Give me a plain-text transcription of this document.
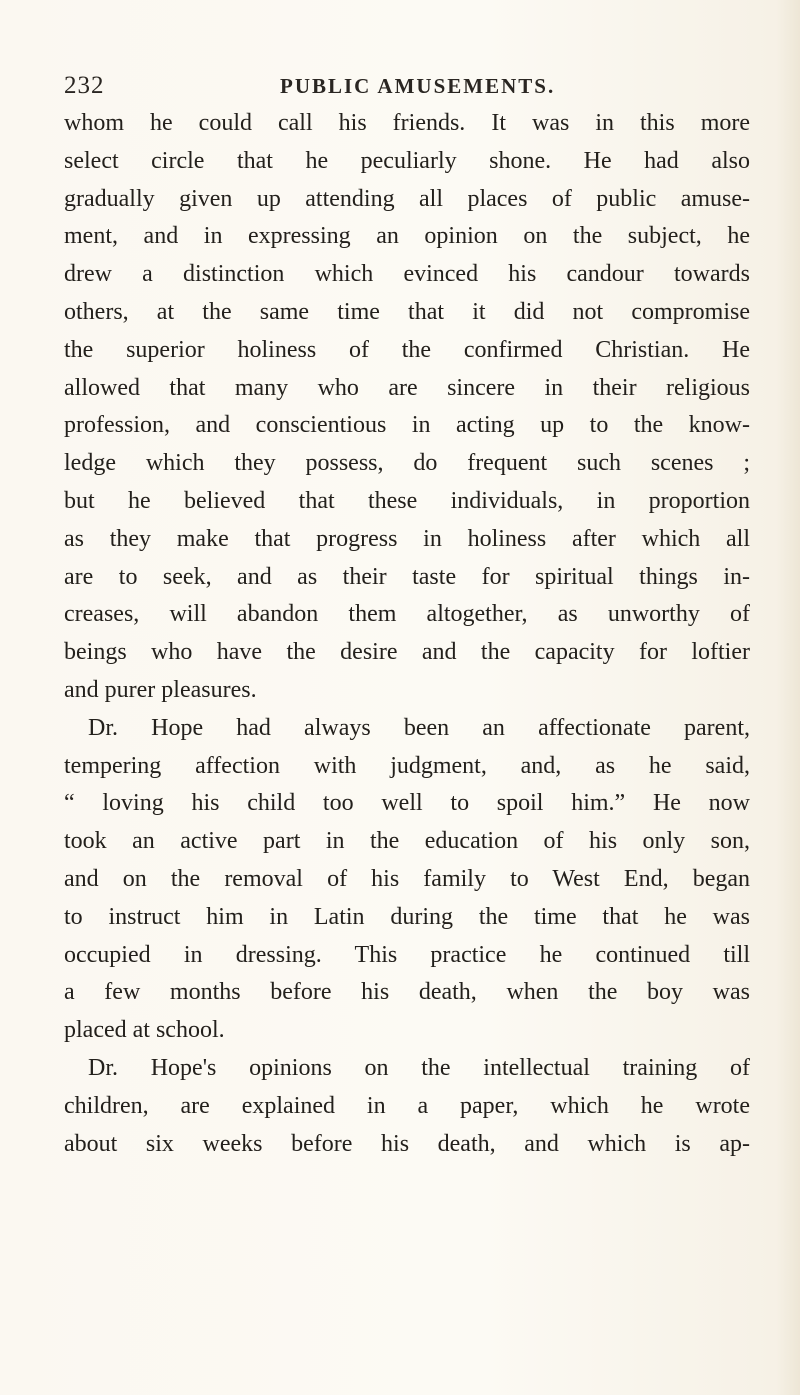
232	PUBLIC AMUSEMENTS.
whom he could call his friends. It was in this more
select circle that he peculiarly shone. He had also
gradually given up attending all places of public amuse-
ment, and in expressing an opinion on the subject, he
drew a distinction which evinced his candour towards
others, at the same time that it did not compromise
the superior holiness of the confirmed Christian. He
allowed that many who are sincere in their religious
profession, and conscientious in acting up to the know-
ledge which they possess, do frequent such scenes ;
but he believed that these individuals, in proportion
as they make that progress in holiness after which all
are to seek, and as their taste for spiritual things in-
creases, will abandon them altogether, as unworthy of
beings who have the desire and the capacity for loftier
and purer pleasures.
Dr. Hope had always been an affectionate parent,
tempering affection with judgment, and, as he said,
“ loving his child too well to spoil him.” He now
took an active part in the education of his only son,
and on the removal of his family to West End, began
to instruct him in Latin during the time that he was
occupied in dressing. This practice he continued till
a few months before his death, when the boy was
placed at school.
Dr. Hope's opinions on the intellectual training of
children, are explained in a paper, which he wrote
about six weeks before his death, and which is ap-
